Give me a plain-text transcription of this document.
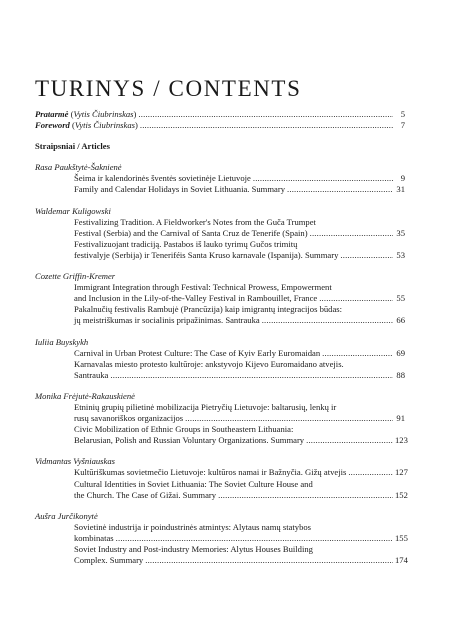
TURINYS / CONTENTS
Pratarmė (Vytis Čiubrinskas) .....	5
Foreword (Vytis Čiubrinskas) .....	7
Straipsniai / Articles
Rasa Paukštytė-Šaknienė
Šeima ir kalendorinės šventės sovietinėje Lietuvoje .....	9
Family and Calendar Holidays in Soviet Lithuania. Summary .....	31
Waldemar Kuligowski
Festivalizing Tradition. A Fieldworker's Notes from the Guča Trumpet
Festival (Serbia) and the Carnival of Santa Cruz de Tenerife (Spain) .....	35
Festivalizuojant tradiciją. Pastabos iš lauko tyrimų Gučos trimitų
festivalyje (Serbija) ir Teneriféis Santa Kruso karnavale (Ispanija). Summary .....	53
Cozette Griffin-Kremer
Immigrant Integration through Festival: Technical Prowess, Empowerment
and Inclusion in the Lily-of-the-Valley Festival in Rambouillet, France .....	55
Pakalnučių festivalis Rambujė (Prancūzija) kaip imigrantų integracijos būdas:
jų meistriškumas ir socialinis pripažinimas. Santrauka .....	66
Iuliia Buyskykh
Carnival in Urban Protest Culture: The Case of Kyiv Early Euromaidan .....	69
Karnavalas miesto protesto kultūroje: ankstyvojo Kijevo Euromaidano atvejis.
Santrauka .....	88
Monika Frėjutė-Rakauskienė
Etninių grupių pilietinė mobilizacija Pietryčių Lietuvoje: baltarusių, lenkų ir
rusų savanoriškos organizacijos .....	91
Civic Mobilization of Ethnic Groups in Southeastern Lithuania:
Belarusian, Polish and Russian Voluntary Organizations. Summary .....	123
Vidmantas Vyšniauskas
Kultūriškumas sovietmečio Lietuvoje: kultūros namai ir Bažnyčia. Gižų atvejis .....	127
Cultural Identities in Soviet Lithuania: The Soviet Culture House and
the Church. The Case of Gižai. Summary .....	152
Aušra Jurčikonytė
Sovietinė industrija ir poindustrinės atmintys: Alytaus namų statybos
kombinatas .....	155
Soviet Industry and Post-industry Memories: Alytus Houses Building
Complex. Summary .....	174
